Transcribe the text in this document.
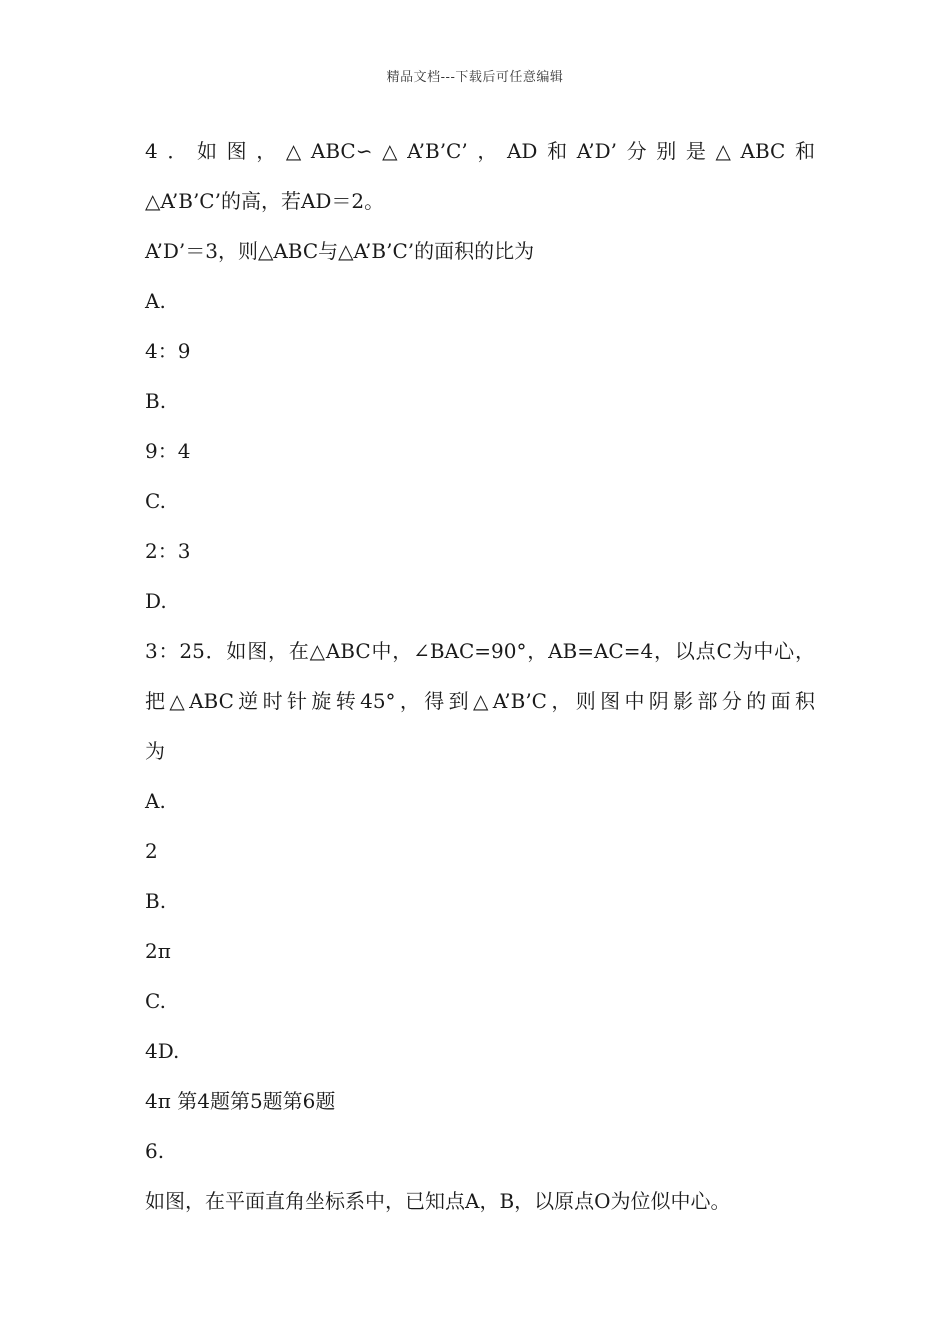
精品文档---下载后可任意编辑
4．如图，△ABC∽△A’B’C’，AD和A’D’分别是△ABC和
△A’B’C’的高，若AD＝2。
A’D’＝3，则△ABC与△A’B’C’的面积的比为
A.
4：9
B.
9：4
C.
2：3
D.
3：25．如图，在△ABC中，∠BAC=90°，AB=AC=4，以点C为中心，
把△ABC逆时针旋转45°，得到△A’B’C，则图中阴影部分的面积
为
A.
2
B.
2π
C.
4D.
4π 第4题第5题第6题
6.
如图，在平面直角坐标系中，已知点A，B，以原点O为位似中心。
